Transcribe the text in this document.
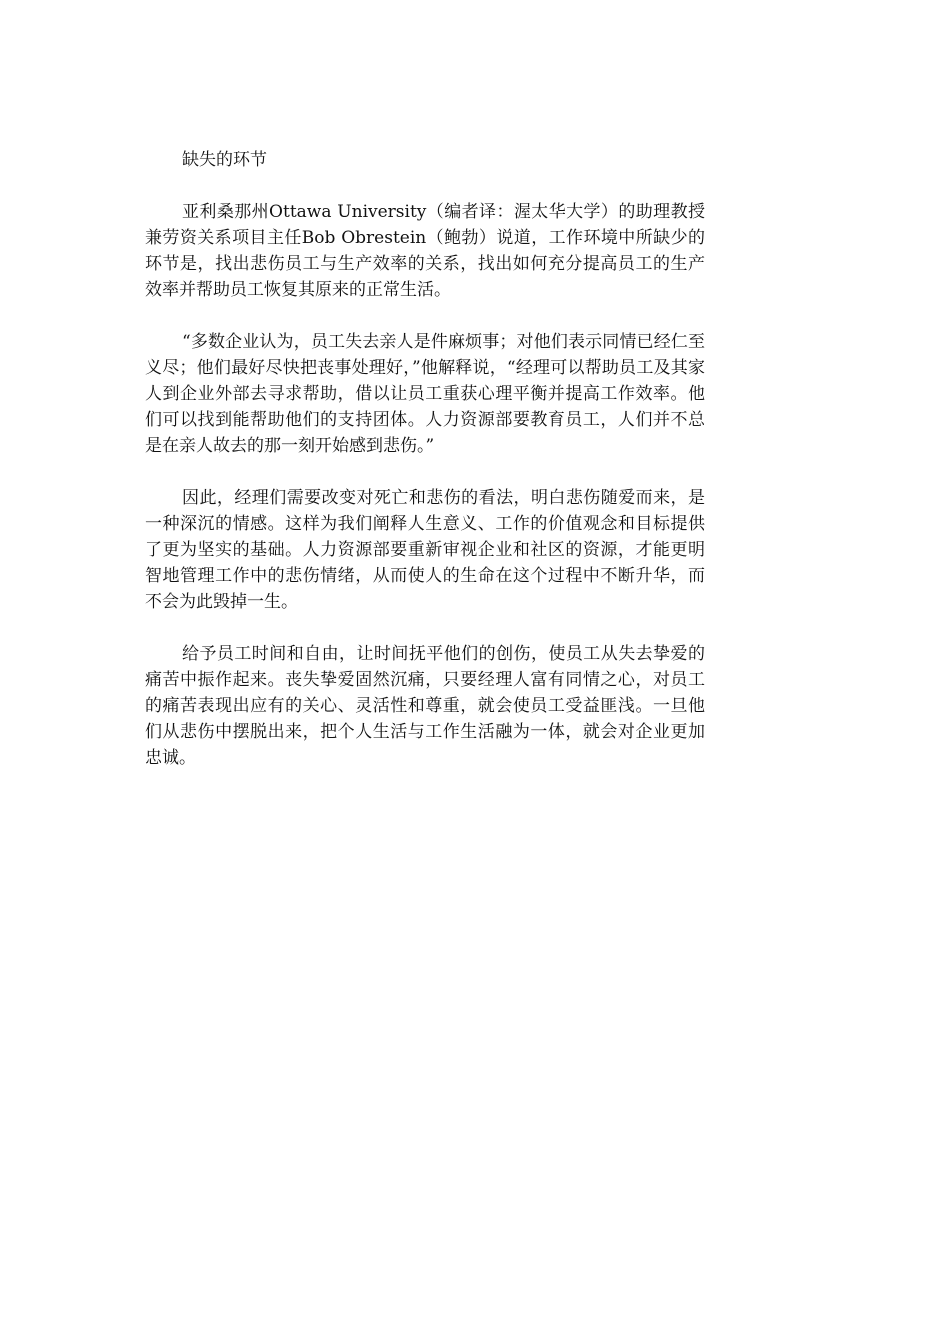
缺失的环节

亚利桑那州Ottawa University（编者译：渥太华大学）的助理教授兼劳资关系项目主任Bob Obrestein（鲍勃）说道，工作环境中所缺少的环节是，找出悲伤员工与生产效率的关系，找出如何充分提高员工的生产效率并帮助员工恢复其原来的正常生活。

“多数企业认为，员工失去亲人是件麻烦事；对他们表示同情已经仁至义尽；他们最好尽快把丧事处理好，”他解释说，“经理可以帮助员工及其家人到企业外部去寻求帮助，借以让员工重获心理平衡并提高工作效率。他们可以找到能帮助他们的支持团体。人力资源部要教育员工，人们并不总是在亲人故去的那一刻开始感到悲伤。”

因此，经理们需要改变对死亡和悲伤的看法，明白悲伤随爱而来，是一种深沉的情感。这样为我们阐释人生意义、工作的价值观念和目标提供了更为坚实的基础。人力资源部要重新审视企业和社区的资源，才能更明智地管理工作中的悲伤情绪，从而使人的生命在这个过程中不断升华，而不会为此毁掉一生。

给予员工时间和自由，让时间抚平他们的创伤，使员工从失去挚爱的痛苦中振作起来。丧失挚爱固然沉痛，只要经理人富有同情之心，对员工的痛苦表现出应有的关心、灵活性和尊重，就会使员工受益匪浅。一旦他们从悲伤中摆脱出来，把个人生活与工作生活融为一体，就会对企业更加忠诚。
